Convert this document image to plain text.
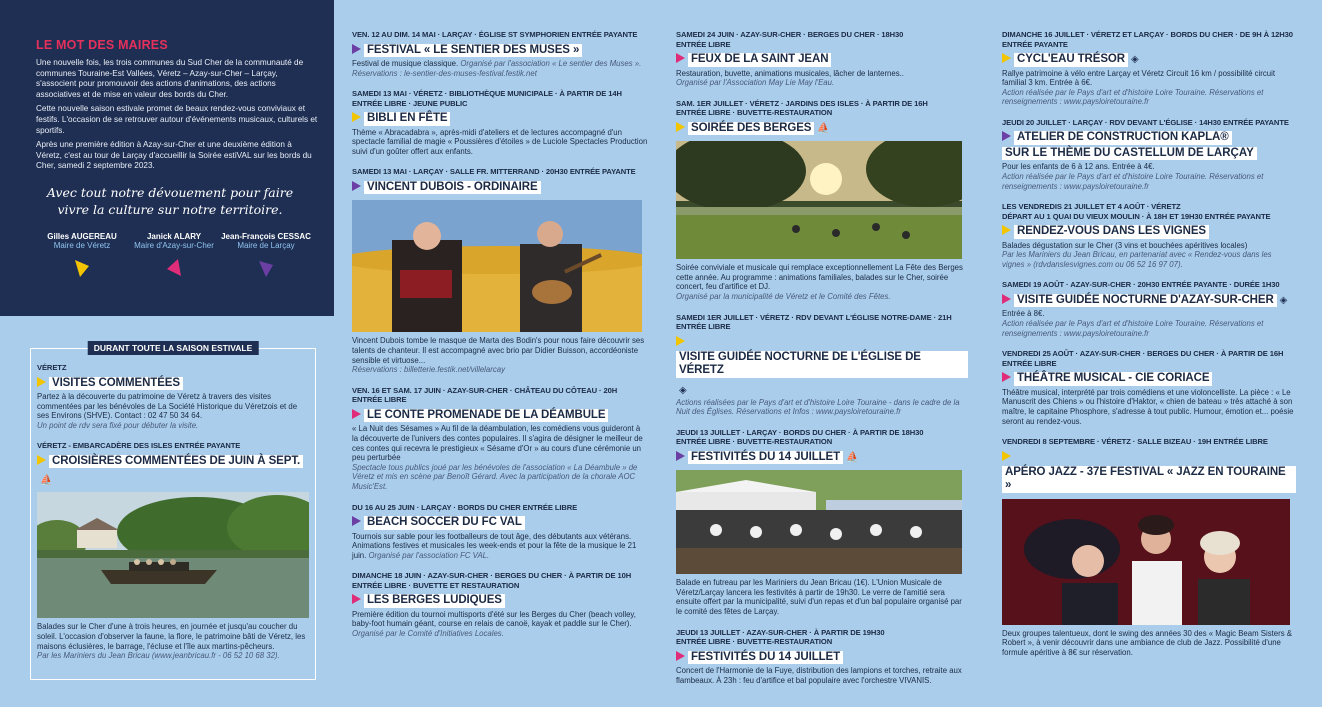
LE MOT DES MAIRES

Une nouvelle fois, les trois communes du Sud Cher de la communauté de communes Touraine-Est Vallées, Véretz – Azay-sur-Cher – Larçay, s'associent pour promouvoir des actions d'animations, des actions associatives et de mise en valeur des bords du Cher.

Cette nouvelle saison estivale promet de beaux rendez-vous conviviaux et festifs. L'occasion de se retrouver autour d'événements musicaux, culturels et sportifs.

Après une première édition à Azay-sur-Cher et une deuxième édition à Véretz, c'est au tour de Larçay d'accueillir la Soirée estiVAL sur les bords du Cher, samedi 2 septembre 2023.

Avec tout notre dévouement pour faire vivre la culture sur notre territoire.
Gilles AUGEREAU
Maire de Véretz
Janick ALARY
Maire d'Azay-sur-Cher
Jean-François CESSAC
Maire de Larçay
DURANT TOUTE LA SAISON ESTIVALE
VÉRETZ
VISITES COMMENTÉES
Partez à la découverte du patrimoine de Véretz à travers des visites commentées par les bénévoles de La Société Historique du Véretzois et de ses Environs (SHVE). Contact : 02 47 50 34 64.
Un point de rdv sera fixé pour débuter la visite.
VÉRETZ - EMBARCADÈRE DES ISLES ENTRÉE PAYANTE
CROISIÈRES COMMENTÉES DE JUIN À SEPT.⛵
Balades sur le Cher d'une à trois heures, en journée et jusqu'au coucher du soleil. L'occasion d'observer la faune, la flore, le patrimoine bâti de Véretz, les maisons éclusières, le barrage, l'écluse et l'île aux martins-pêcheurs.
Par les Mariniers du Jean Bricau (www.jeanbricau.fr - 06 52 10 68 32).
VEN. 12 AU DIM. 14 MAI · LARÇAY · ÉGLISE ST SYMPHORIEN ENTRÉE PAYANTE
FESTIVAL « LE SENTIER DES MUSES »
Festival de musique classique. Organisé par l'association « Le sentier des Muses ». Réservations : le-sentier-des-muses-festival.festik.net
SAMEDI 13 MAI · VÉRETZ · BIBLIOTHÈQUE MUNICIPALE · À PARTIR DE 14H
ENTRÉE LIBRE · JEUNE PUBLIC
BIBLI EN FÊTE
Thème « Abracadabra », après-midi d'ateliers et de lectures accompagné d'un spectacle familial de magie « Poussières d'étoiles » de Luciole Spectacles Production suivi d'un goûter offert aux enfants.
SAMEDI 13 MAI · LARÇAY · SALLE FR. MITTERRAND · 20H30 ENTRÉE PAYANTE
VINCENT DUBOIS - ORDINAIRE
Vincent Dubois tombe le masque de Marta des Bodin's pour nous faire découvrir ses talents de chanteur. Il est accompagné avec brio par Didier Buisson, accordéoniste sensible et virtuose...
Réservations : billetterie.festik.net/villelarcay
VEN. 16 ET SAM. 17 JUIN · AZAY-SUR-CHER · CHÂTEAU DU CÔTEAU · 20H
ENTRÉE LIBRE
LE CONTE PROMENADE DE LA DÉAMBULE
« La Nuit des Sésames » Au fil de la déambulation, les comédiens vous guideront à la découverte de l'univers des contes populaires. Il s'agira de désigner le meilleur de ces contes qui recevra le prestigieux « Sésame d'Or » au cours d'une cérémonie un peu perturbée
Spectacle tous publics joué par les bénévoles de l'association « La Déambule » de Véretz et mis en scène par Benoît Gérard. Avec la participation de la chorale AOC Music'Est.
DU 16 AU 25 JUIN · LARÇAY · BORDS DU CHER ENTRÉE LIBRE
BEACH SOCCER DU FC VAL
Tournois sur sable pour les footballeurs de tout âge, des débutants aux vétérans. Animations festives et musicales les week-ends et pour la fête de la musique le 21 juin. Organisé par l'association FC VAL.
DIMANCHE 18 JUIN · AZAY-SUR-CHER · BERGES DU CHER · À PARTIR DE 10H
ENTRÉE LIBRE · BUVETTE ET RESTAURATION
LES BERGES LUDIQUES
Première édition du tournoi multisports d'été sur les Berges du Cher (beach volley, baby-foot humain géant, course en relais de canoë, kayak et paddle sur le Cher). Organisé par le Comité d'Initiatives Locales.
SAMEDI 24 JUIN · AZAY-SUR-CHER · BERGES DU CHER · 18H30
ENTRÉE LIBRE
FEUX DE LA SAINT JEAN
Restauration, buvette, animations musicales, lâcher de lanternes..
Organisé par l'Association May Lie May l'Eau.
SAM. 1ER JUILLET · VÉRETZ · JARDINS DES ISLES · À PARTIR DE 16H
ENTRÉE LIBRE · BUVETTE-RESTAURATION
SOIRÉE DES BERGES ⛵
Soirée conviviale et musicale qui remplace exceptionnellement La Fête des Berges cette année. Au programme : animations familiales, balades sur le Cher, soirée concert, feu d'artifice et DJ.
Organisé par la municipalité de Véretz et le Comité des Fêtes.
SAMEDI 1ER JUILLET · VÉRETZ · RDV DEVANT L'ÉGLISE NOTRE-DAME · 21H
ENTRÉE LIBRE
VISITE GUIDÉE NOCTURNE DE L'ÉGLISE DE VÉRETZ◈
Actions réalisées par le Pays d'art et d'histoire Loire Touraine - dans le cadre de la Nuit des Églises. Réservations et Infos : www.paysloiretouraine.fr
JEUDI 13 JUILLET · LARÇAY · BORDS DU CHER · À PARTIR DE 18H30
ENTRÉE LIBRE · BUVETTE-RESTAURATION
FESTIVITÉS DU 14 JUILLET ⛵
Balade en futreau par les Mariniers du Jean Bricau (1€). L'Union Musicale de Véretz/Larçay lancera les festivités à partir de 19h30. Le verre de l'amitié sera ensuite offert par la municipalité, suivi d'un repas et d'un bal populaire organisé par le comité des fêtes de Larçay.
JEUDI 13 JUILLET · AZAY-SUR-CHER · À PARTIR DE 19H30
ENTRÉE LIBRE · BUVETTE-RESTAURATION
FESTIVITÉS DU 14 JUILLET
Concert de l'Harmonie de la Fuye, distribution des lampions et torches, retraite aux flambeaux. À 23h : feu d'artifice et bal populaire avec l'orchestre VIVANIS.
DIMANCHE 16 JUILLET · VÉRETZ ET LARÇAY · BORDS DU CHER · DE 9H À 12H30
ENTRÉE PAYANTE
CYCL'EAU TRÉSOR ◈
Rallye patrimoine à vélo entre Larçay et Véretz Circuit 16 km / possibilité circuit familial 3 km. Entrée à 6€.
Action réalisée par le Pays d'art et d'histoire Loire Touraine. Réservations et renseignements : www.paysloiretouraine.fr
JEUDI 20 JUILLET · LARÇAY · RDV DEVANT L'ÉGLISE · 14H30 ENTRÉE PAYANTE
ATELIER DE CONSTRUCTION KAPLA®
SUR LE THÈME DU CASTELLUM DE LARÇAY
Pour les enfants de 6 à 12 ans. Entrée à 4€.
Action réalisée par le Pays d'art et d'histoire Loire Touraine. Réservations et renseignements : www.paysloiretouraine.fr
LES VENDREDIS 21 JUILLET ET 4 AOÛT · VÉRETZ
DÉPART AU 1 QUAI DU VIEUX MOULIN · À 18H ET 19H30 ENTRÉE PAYANTE
RENDEZ-VOUS DANS LES VIGNES
Balades dégustation sur le Cher (3 vins et bouchées apéritives locales)
Par les Mariniers du Jean Bricau, en partenariat avec « Rendez-vous dans les vignes » (rdvdanslesvignes.com ou 06 52 16 97 07).
SAMEDI 19 AOÛT · AZAY-SUR-CHER · 20H30 ENTRÉE PAYANTE · DURÉE 1H30
VISITE GUIDÉE NOCTURNE D'AZAY-SUR-CHER ◈
Entrée à 8€.
Action réalisée par le Pays d'art et d'histoire Loire Touraine. Réservations et renseignements : www.paysloiretouraine.fr
VENDREDI 25 AOÛT · AZAY-SUR-CHER · BERGES DU CHER · À PARTIR DE 16H
ENTRÉE LIBRE
THÉÂTRE MUSICAL - CIE CORIACE
Théâtre musical, interprété par trois comédiens et une violoncelliste. La pièce : « Le Manuscrit des Chiens » ou l'histoire d'Haktor, « chien de bateau » très attaché à son maître, le capitaine Phosphore, s'adresse à tout public. Humour, émotion et... poésie seront au rendez-vous.
VENDREDI 8 SEPTEMBRE · VÉRETZ · SALLE BIZEAU · 19H ENTRÉE LIBRE
APÉRO JAZZ - 37E FESTIVAL « JAZZ EN TOURAINE »
Deux groupes talentueux, dont le swing des années 30 des « Magic Beam Sisters & Robert », à venir découvrir dans une ambiance de club de Jazz. Possibilité d'une formule apéritive à 8€ sur réservation.
